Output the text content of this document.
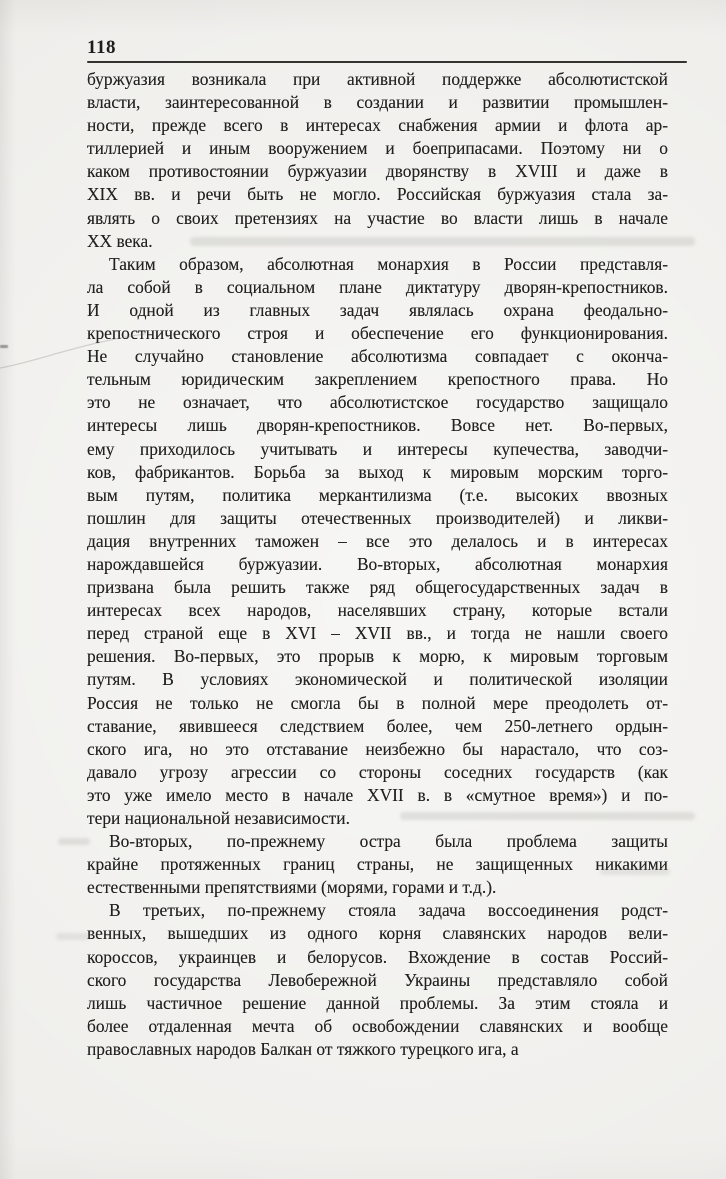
118
буржуазия возникала при активной поддержке абсолютистской
власти, заинтересованной в создании и развитии промышлен-
ности, прежде всего в интересах снабжения армии и флота ар-
тиллерией и иным вооружением и боеприпасами. Поэтому ни о
каком противостоянии буржуазии дворянству в XVIII и даже в
XIX вв. и речи быть не могло. Российская буржуазия стала за-
являть о своих претензиях на участие во власти лишь в начале
XX века.
Таким образом, абсолютная монархия в России представля-
ла собой в социальном плане диктатуру дворян-крепостников.
И одной из главных задач являлась охрана феодально-
крепостнического строя и обеспечение его функционирования.
Не случайно становление абсолютизма совпадает с оконча-
тельным юридическим закреплением крепостного права. Но
это не означает, что абсолютистское государство защищало
интересы лишь дворян-крепостников. Вовсе нет. Во-первых,
ему приходилось учитывать и интересы купечества, заводчи-
ков, фабрикантов. Борьба за выход к мировым морским торго-
вым путям, политика меркантилизма (т.е. высоких ввозных
пошлин для защиты отечественных производителей) и ликви-
дация внутренних таможен – все это делалось и в интересах
нарождавшейся буржуазии. Во-вторых, абсолютная монархия
призвана была решить также ряд общегосударственных задач в
интересах всех народов, населявших страну, которые встали
перед страной еще в XVI – XVII вв., и тогда не нашли своего
решения. Во-первых, это прорыв к морю, к мировым торговым
путям. В условиях экономической и политической изоляции
Россия не только не смогла бы в полной мере преодолеть от-
ставание, явившееся следствием более, чем 250-летнего ордын-
ского ига, но это отставание неизбежно бы нарастало, что соз-
давало угрозу агрессии со стороны соседних государств (как
это уже имело место в начале XVII в. в «смутное время») и по-
тери национальной независимости.
Во-вторых, по-прежнему остра была проблема защиты
крайне протяженных границ страны, не защищенных никакими
естественными препятствиями (морями, горами и т.д.).
В третьих, по-прежнему стояла задача воссоединения родст-
венных, вышедших из одного корня славянских народов вели-
короссов, украинцев и белорусов. Вхождение в состав Россий-
ского государства Левобережной Украины представляло собой
лишь частичное решение данной проблемы. За этим стояла и
более отдаленная мечта об освобождении славянских и вообще
православных народов Балкан от тяжкого турецкого ига, а
